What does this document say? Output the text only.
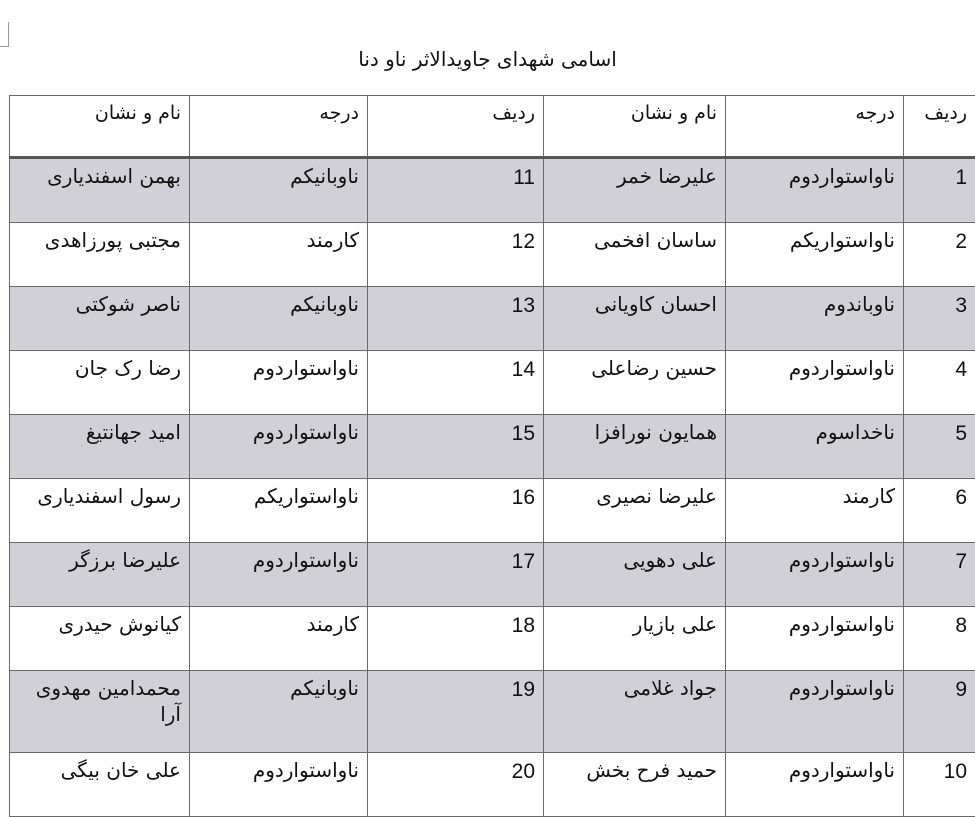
اسامی شهدای جاویدالاثر ناو دنا
ردیف	درجه	نام و نشان	ردیف	درجه	نام و نشان
1	ناواستواردوم	علیرضا خمر	11	ناوبانیکم	بهمن اسفندیاری
2	ناواستواریکم	ساسان افخمی	12	کارمند	مجتبی پورزاهدی
3	ناوباندوم	احسان کاویانی	13	ناوبانیکم	ناصر شوکتی
4	ناواستواردوم	حسین رضاعلی	14	ناواستواردوم	رضا رک جان
5	ناخداسوم	همایون نورافزا	15	ناواستواردوم	امید جهانتیغ
6	کارمند	علیرضا نصیری	16	ناواستواریکم	رسول اسفندیاری
7	ناواستواردوم	علی دهویی	17	ناواستواردوم	علیرضا برزگر
8	ناواستواردوم	علی بازیار	18	کارمند	کیانوش حیدری
9	ناواستواردوم	جواد غلامی	19	ناوبانیکم	محمدامین مهدوی آرا
10	ناواستواردوم	حمید فرح بخش	20	ناواستواردوم	علی خان بیگی
